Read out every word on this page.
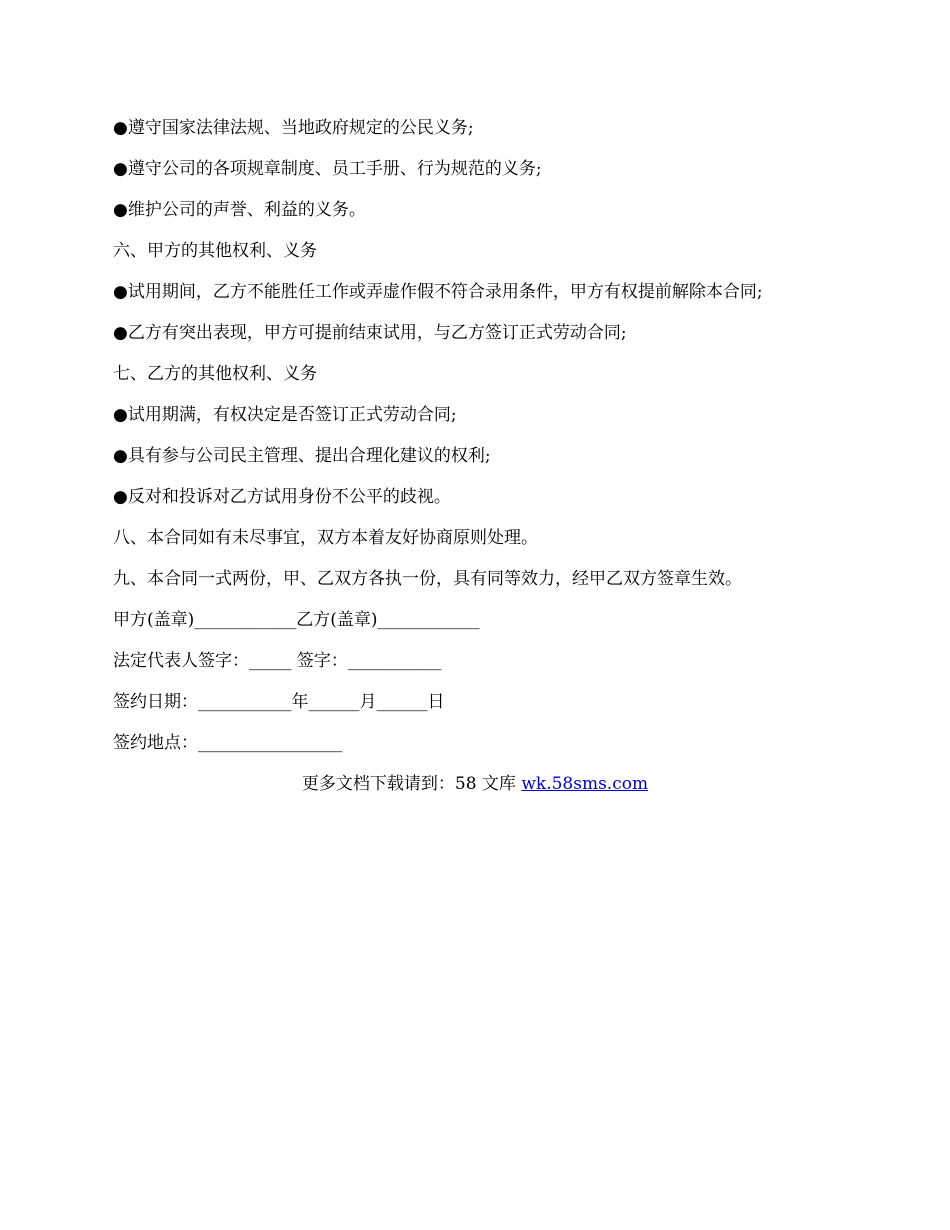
●遵守国家法律法规、当地政府规定的公民义务;

●遵守公司的各项规章制度、员工手册、行为规范的义务;

●维护公司的声誉、利益的义务。

六、甲方的其他权利、义务

●试用期间，乙方不能胜任工作或弄虚作假不符合录用条件，甲方有权提前解除本合同;

●乙方有突出表现，甲方可提前结束试用，与乙方签订正式劳动合同;

七、乙方的其他权利、义务

●试用期满，有权决定是否签订正式劳动合同;

●具有参与公司民主管理、提出合理化建议的权利;

●反对和投诉对乙方试用身份不公平的歧视。

八、本合同如有未尽事宜，双方本着友好协商原则处理。

九、本合同一式两份，甲、乙双方各执一份，具有同等效力，经甲乙双方签章生效。

甲方(盖章)____________乙方(盖章)____________

法定代表人签字：_____ 签字：___________

签约日期：___________年______月______日

签约地点：_________________

更多文档下载请到：58 文库 wk.58sms.com
